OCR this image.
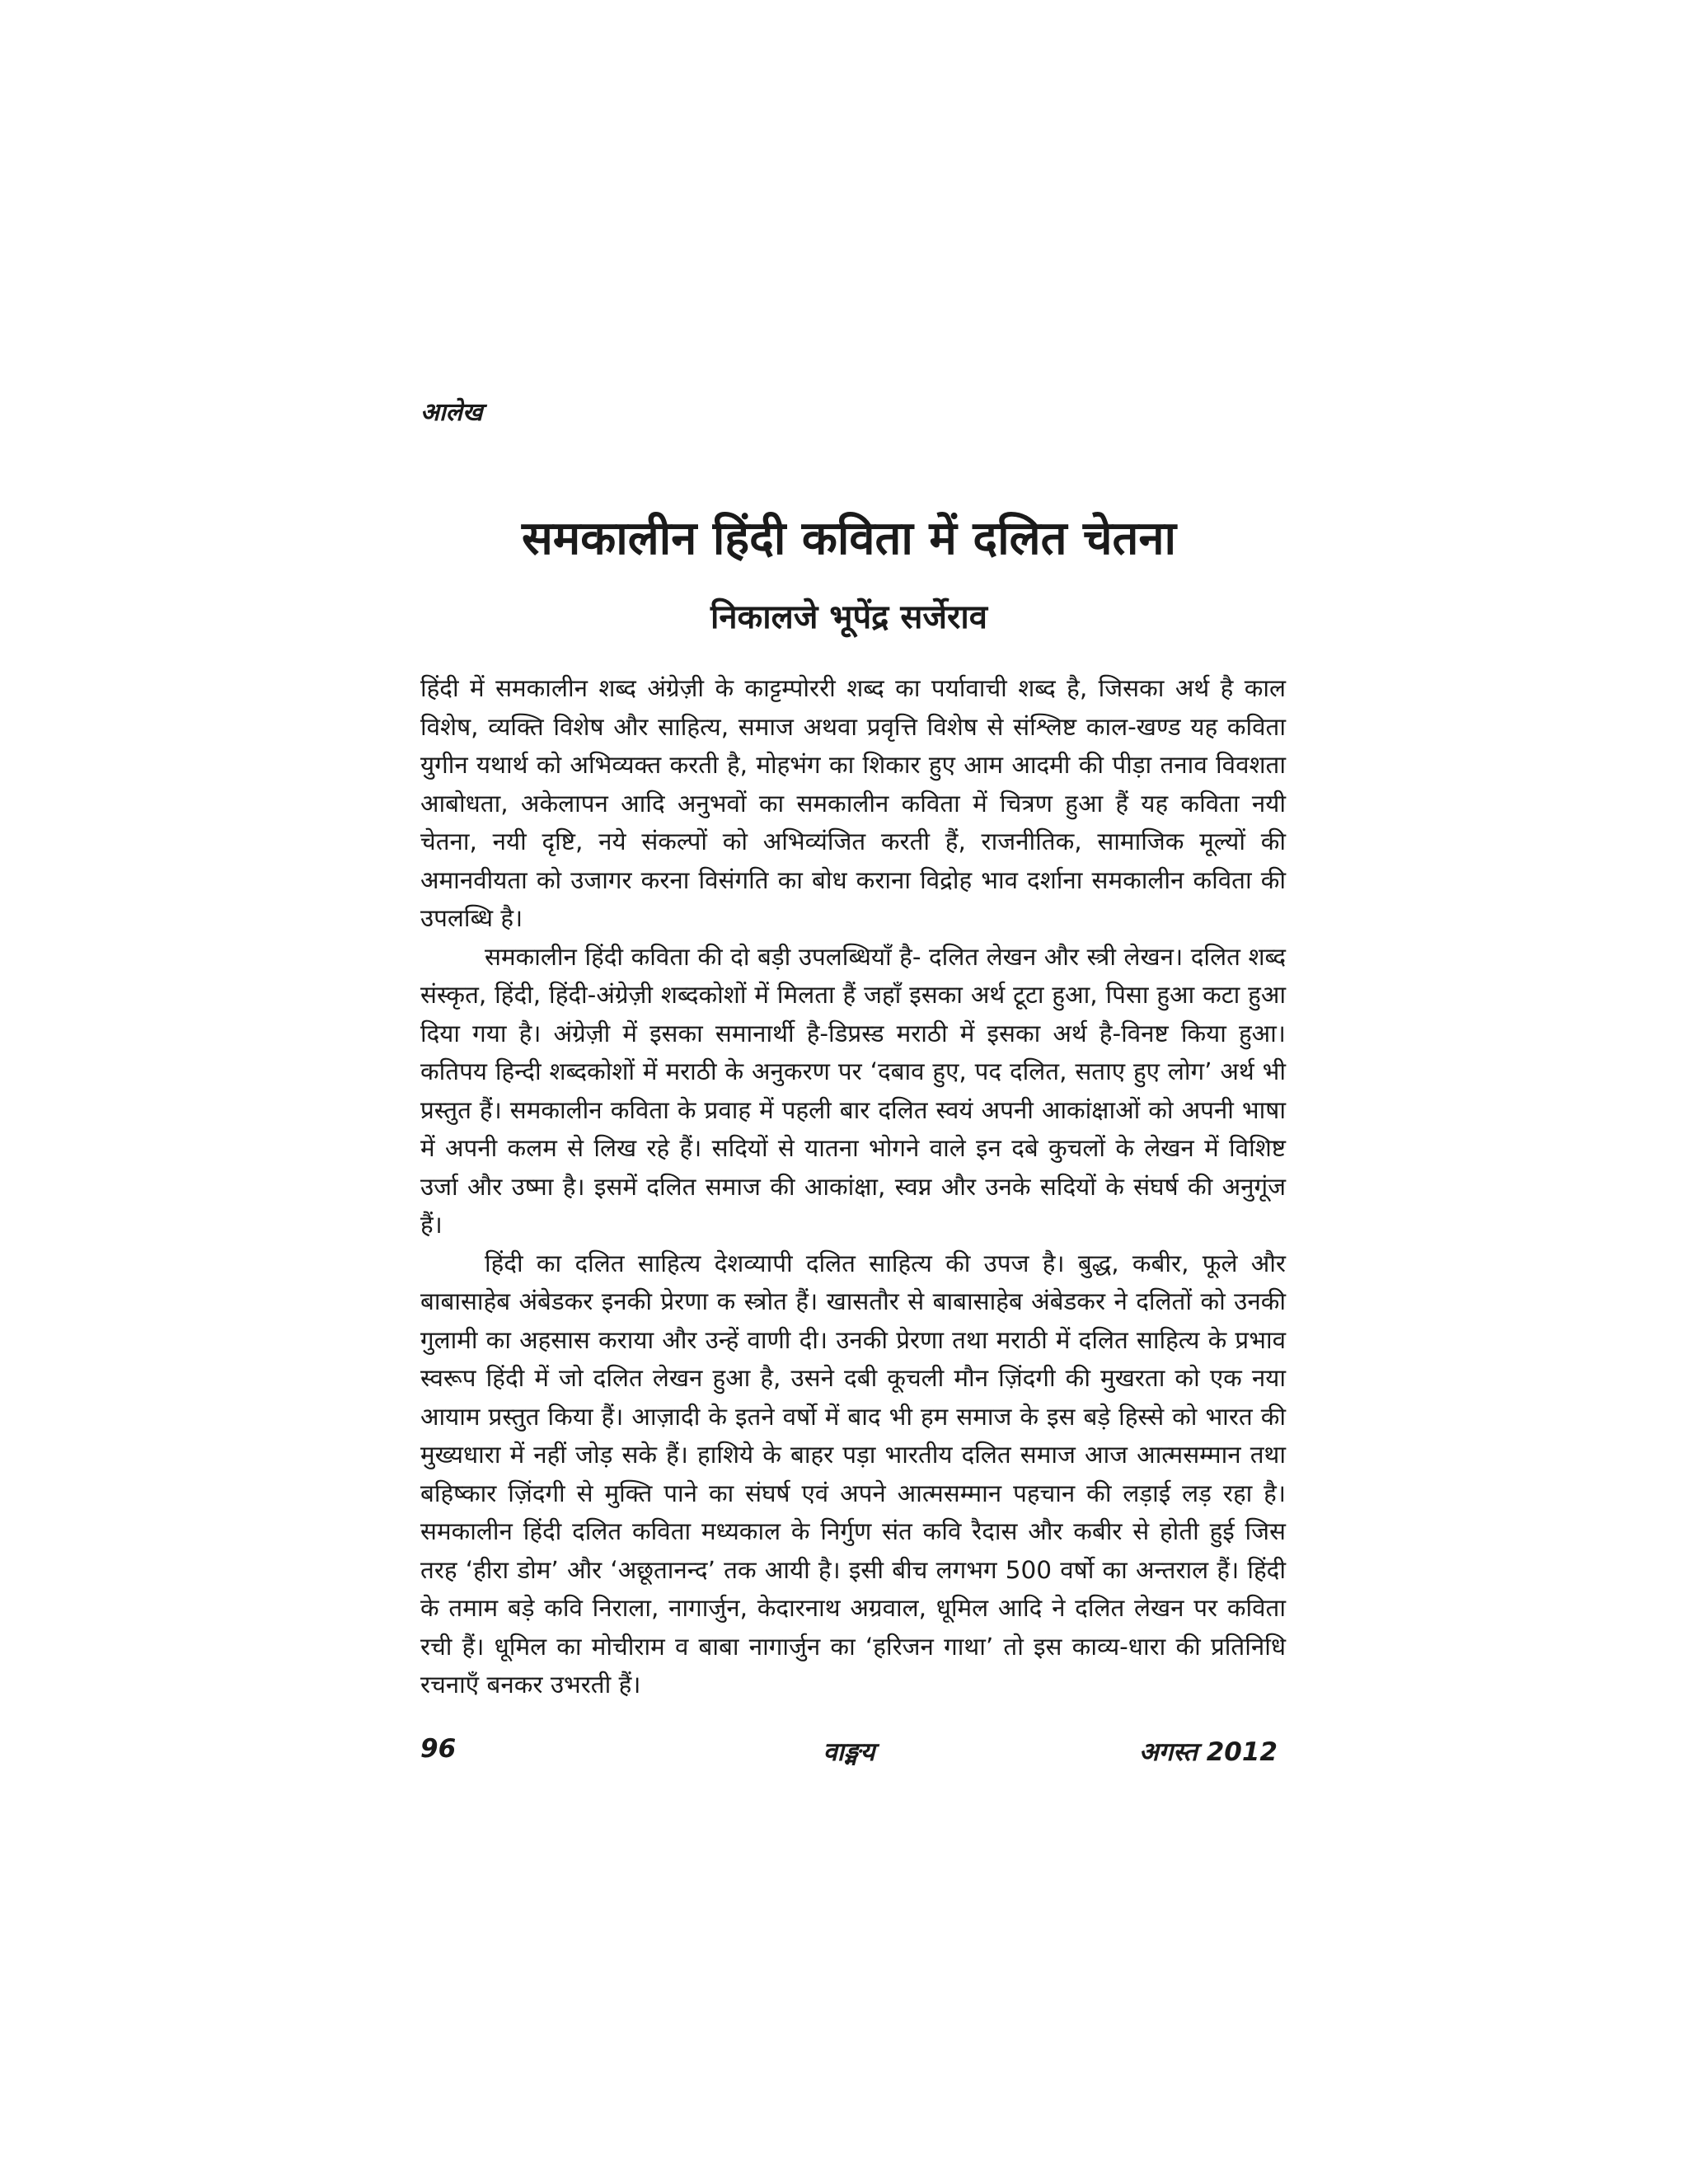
आलेख
समकालीन हिंदी कविता में दलित चेतना
निकालजे भूपेंद्र सर्जेराव

हिंदी में समकालीन शब्द अंग्रेज़ी के काट्टम्पोररी शब्द का पर्यावाची शब्द है, जिसका अर्थ है काल विशेष, व्यक्ति विशेष और साहित्य, समाज अथवा प्रवृत्ति विशेष से संश्लिष्ट काल-खण्ड यह कविता युगीन यथार्थ को अभिव्यक्त करती है, मोहभंग का शिकार हुए आम आदमी की पीड़ा तनाव विवशता आबोधता, अकेलापन आदि अनुभवों का समकालीन कविता में चित्रण हुआ हैं यह कविता नयी चेतना, नयी दृष्टि, नये संकल्पों को अभिव्यंजित करती हैं, राजनीतिक, सामाजिक मूल्यों की अमानवीयता को उजागर करना विसंगति का बोध कराना विद्रोह भाव दर्शाना समकालीन कविता की उपलब्धि है।

समकालीन हिंदी कविता की दो बड़ी उपलब्धियाँ है- दलित लेखन और स्त्री लेखन। दलित शब्द संस्कृत, हिंदी, हिंदी-अंग्रेज़ी शब्दकोशों में मिलता हैं जहाँ इसका अर्थ टूटा हुआ, पिसा हुआ कटा हुआ दिया गया है। अंग्रेज़ी में इसका समानार्थी है-डिप्रस्ड मराठी में इसका अर्थ है-विनष्ट किया हुआ। कतिपय हिन्दी शब्दकोशों में मराठी के अनुकरण पर ‘दबाव हुए, पद दलित, सताए हुए लोग’ अर्थ भी प्रस्तुत हैं। समकालीन कविता के प्रवाह में पहली बार दलित स्वयं अपनी आकांक्षाओं को अपनी भाषा में अपनी कलम से लिख रहे हैं। सदियों से यातना भोगने वाले इन दबे कुचलों के लेखन में विशिष्ट उर्जा और उष्मा है। इसमें दलित समाज की आकांक्षा, स्वप्न और उनके सदियों के संघर्ष की अनुगूंज हैं।

हिंदी का दलित साहित्य देशव्यापी दलित साहित्य की उपज है। बुद्ध, कबीर, फूले और बाबासाहेब अंबेडकर इनकी प्रेरणा क स्त्रोत हैं। खासतौर से बाबासाहेब अंबेडकर ने दलितों को उनकी गुलामी का अहसास कराया और उन्हें वाणी दी। उनकी प्रेरणा तथा मराठी में दलित साहित्य के प्रभाव स्वरूप हिंदी में जो दलित लेखन हुआ है, उसने दबी कूचली मौन ज़िंदगी की मुखरता को एक नया आयाम प्रस्तुत किया हैं। आज़ादी के इतने वर्षो में बाद भी हम समाज के इस बड़े हिस्से को भारत की मुख्यधारा में नहीं जोड़ सके हैं। हाशिये के बाहर पड़ा भारतीय दलित समाज आज आत्मसम्मान तथा बहिष्कार ज़िंदगी से मुक्ति पाने का संघर्ष एवं अपने आत्मसम्मान पहचान की लड़ाई लड़ रहा है। समकालीन हिंदी दलित कविता मध्यकाल के निर्गुण संत कवि रैदास और कबीर से होती हुई जिस तरह ‘हीरा डोम’ और ‘अछूतानन्द’ तक आयी है। इसी बीच लगभग 500 वर्षो का अन्तराल हैं। हिंदी के तमाम बड़े कवि निराला, नागार्जुन, केदारनाथ अग्रवाल, धूमिल आदि ने दलित लेखन पर कविता रची हैं। धूमिल का मोचीराम व बाबा नागार्जुन का ‘हरिजन गाथा’ तो इस काव्य-धारा की प्रतिनिधि रचनाएँ बनकर उभरती हैं।

वाङ्मय
96	अगस्त 2012
